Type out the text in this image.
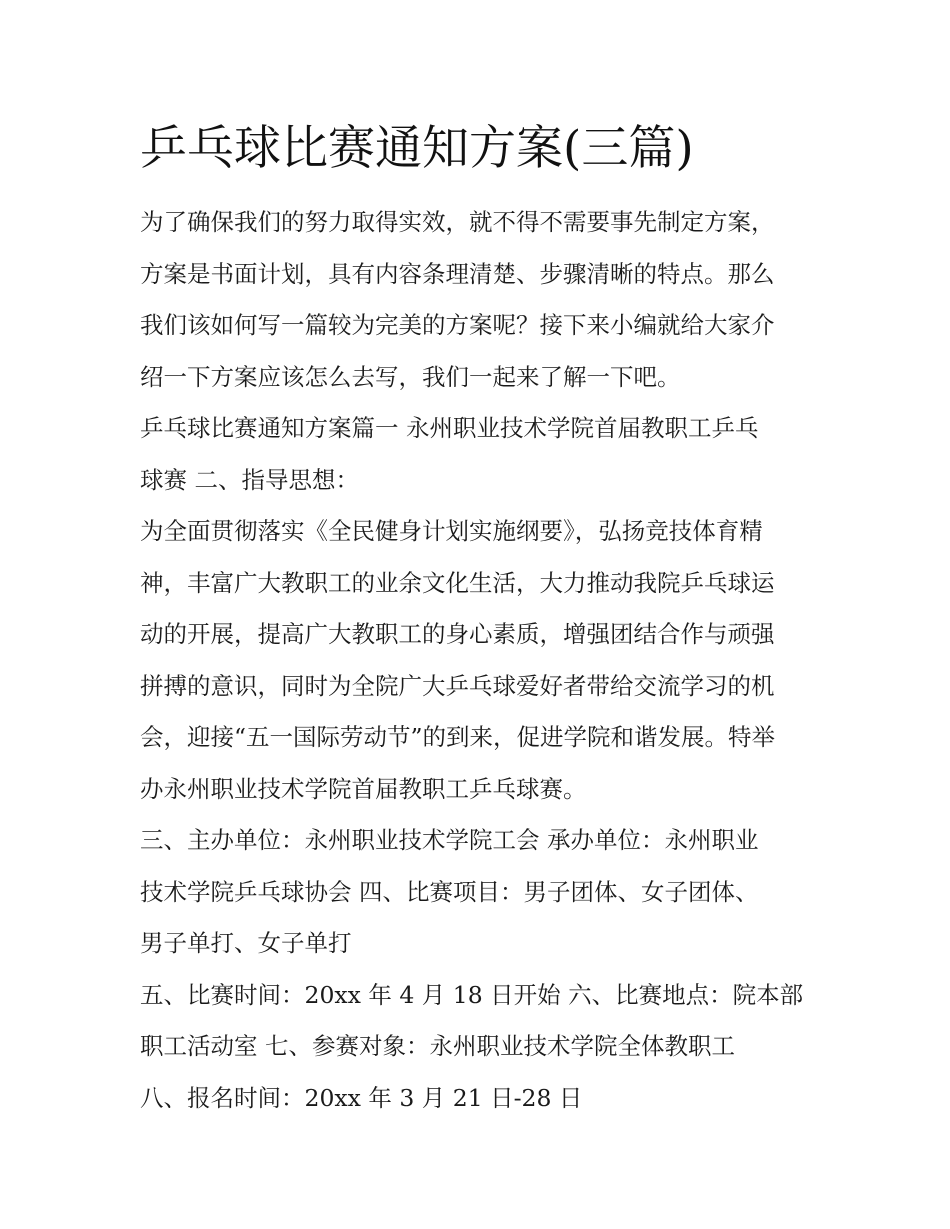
乒乓球比赛通知方案(三篇)
为了确保我们的努力取得实效，就不得不需要事先制定方案，
方案是书面计划，具有内容条理清楚、步骤清晰的特点。那么
我们该如何写一篇较为完美的方案呢？接下来小编就给大家介
绍一下方案应该怎么去写，我们一起来了解一下吧。
乒乓球比赛通知方案篇一 永州职业技术学院首届教职工乒乓
球赛 二、指导思想：
为全面贯彻落实《全民健身计划实施纲要》，弘扬竞技体育精
神，丰富广大教职工的业余文化生活，大力推动我院乒乓球运
动的开展，提高广大教职工的身心素质，增强团结合作与顽强
拼搏的意识，同时为全院广大乒乓球爱好者带给交流学习的机
会，迎接“五一国际劳动节”的到来，促进学院和谐发展。特举
办永州职业技术学院首届教职工乒乓球赛。
三、主办单位：永州职业技术学院工会 承办单位：永州职业
技术学院乒乓球协会 四、比赛项目：男子团体、女子团体、
男子单打、女子单打
五、比赛时间：20xx 年 4 月 18 日开始 六、比赛地点：院本部
职工活动室 七、参赛对象：永州职业技术学院全体教职工
八、报名时间：20xx 年 3 月 21 日-28 日
